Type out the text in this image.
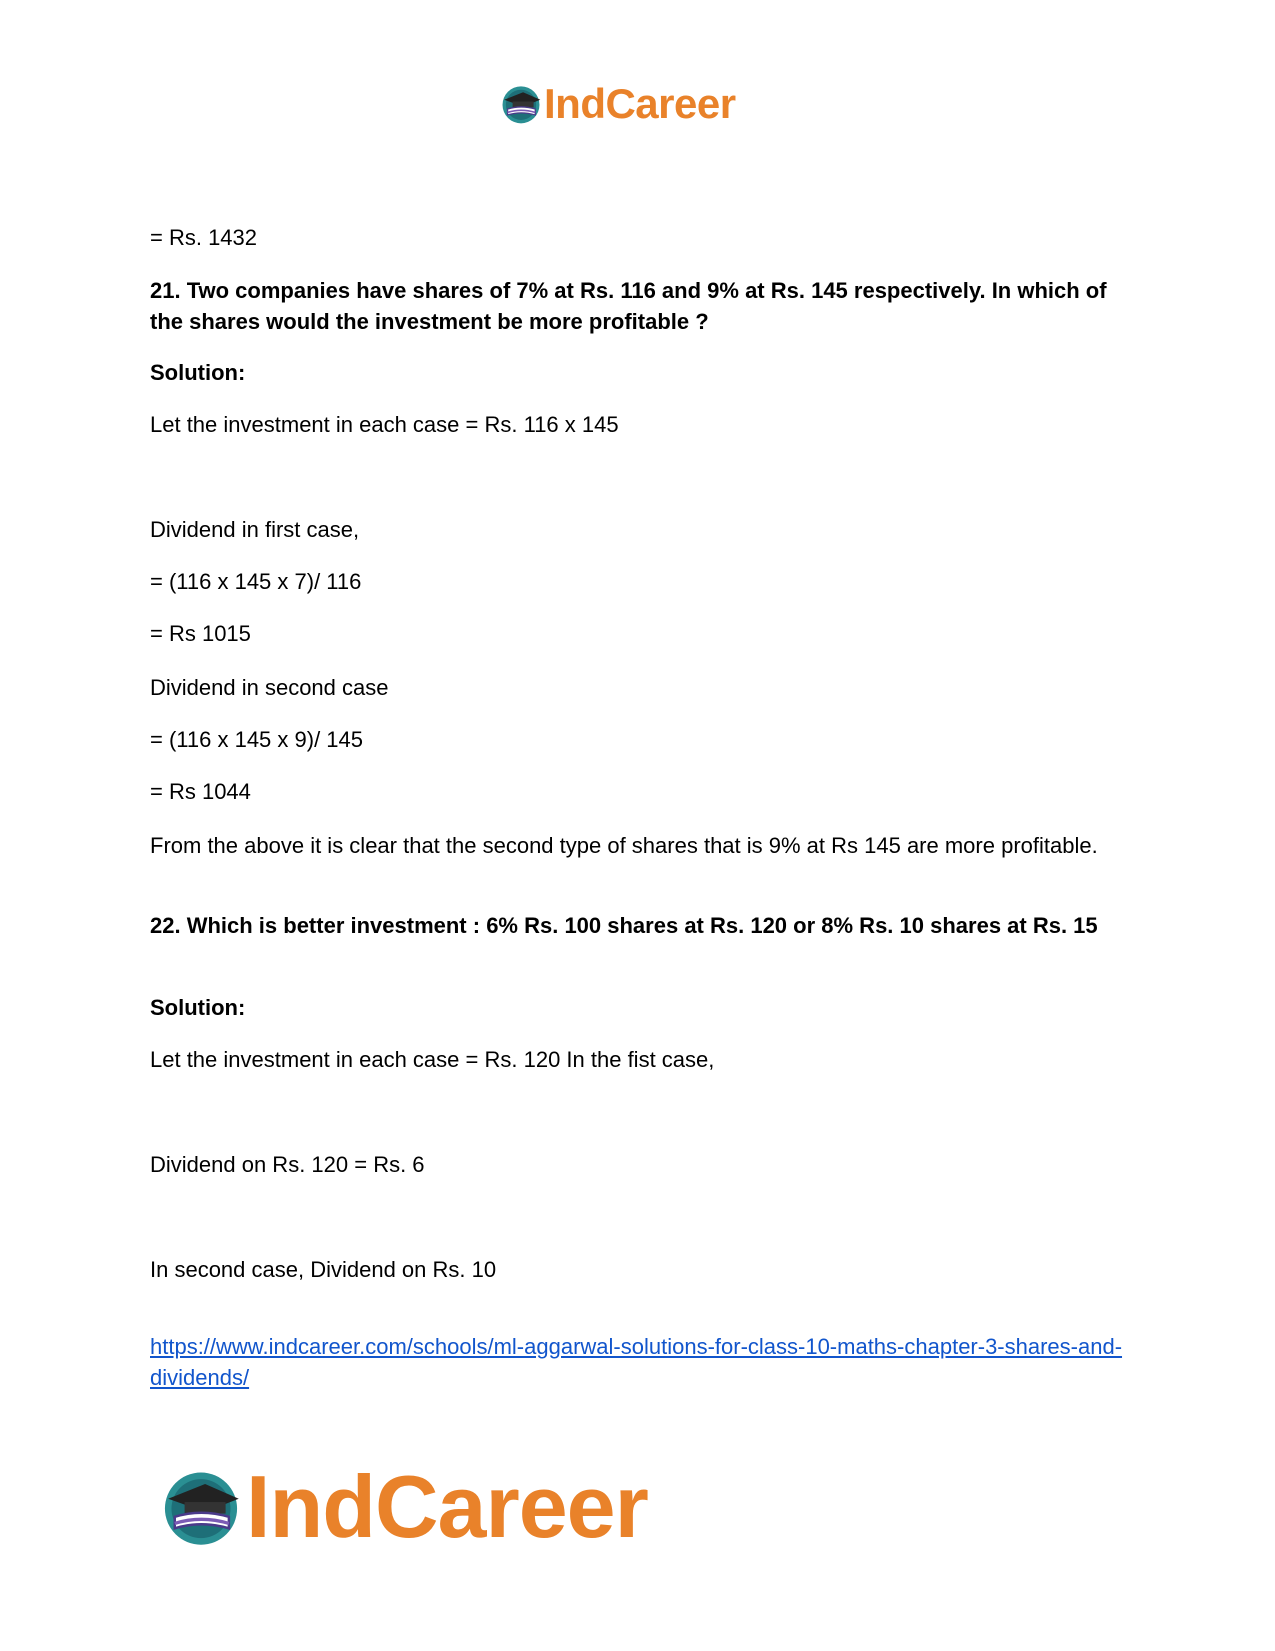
IndCareer

= Rs. 1432

21. Two companies have shares of 7% at Rs. 116 and 9% at Rs. 145 respectively. In which of the shares would the investment be more profitable ?

Solution:

Let the investment in each case = Rs. 116 x 145

Dividend in first case,

= (116 x 145 x 7)/ 116

= Rs 1015

Dividend in second case

= (116 x 145 x 9)/ 145

= Rs 1044

From the above it is clear that the second type of shares that is 9% at Rs 145 are more profitable.

22. Which is better investment : 6% Rs. 100 shares at Rs. 120 or 8% Rs. 10 shares at Rs. 15

Solution:

Let the investment in each case = Rs. 120 In the fist case,

Dividend on Rs. 120 = Rs. 6

In second case, Dividend on Rs. 10

https://www.indcareer.com/schools/ml-aggarwal-solutions-for-class-10-maths-chapter-3-shares-and-dividends/
IndCareer
